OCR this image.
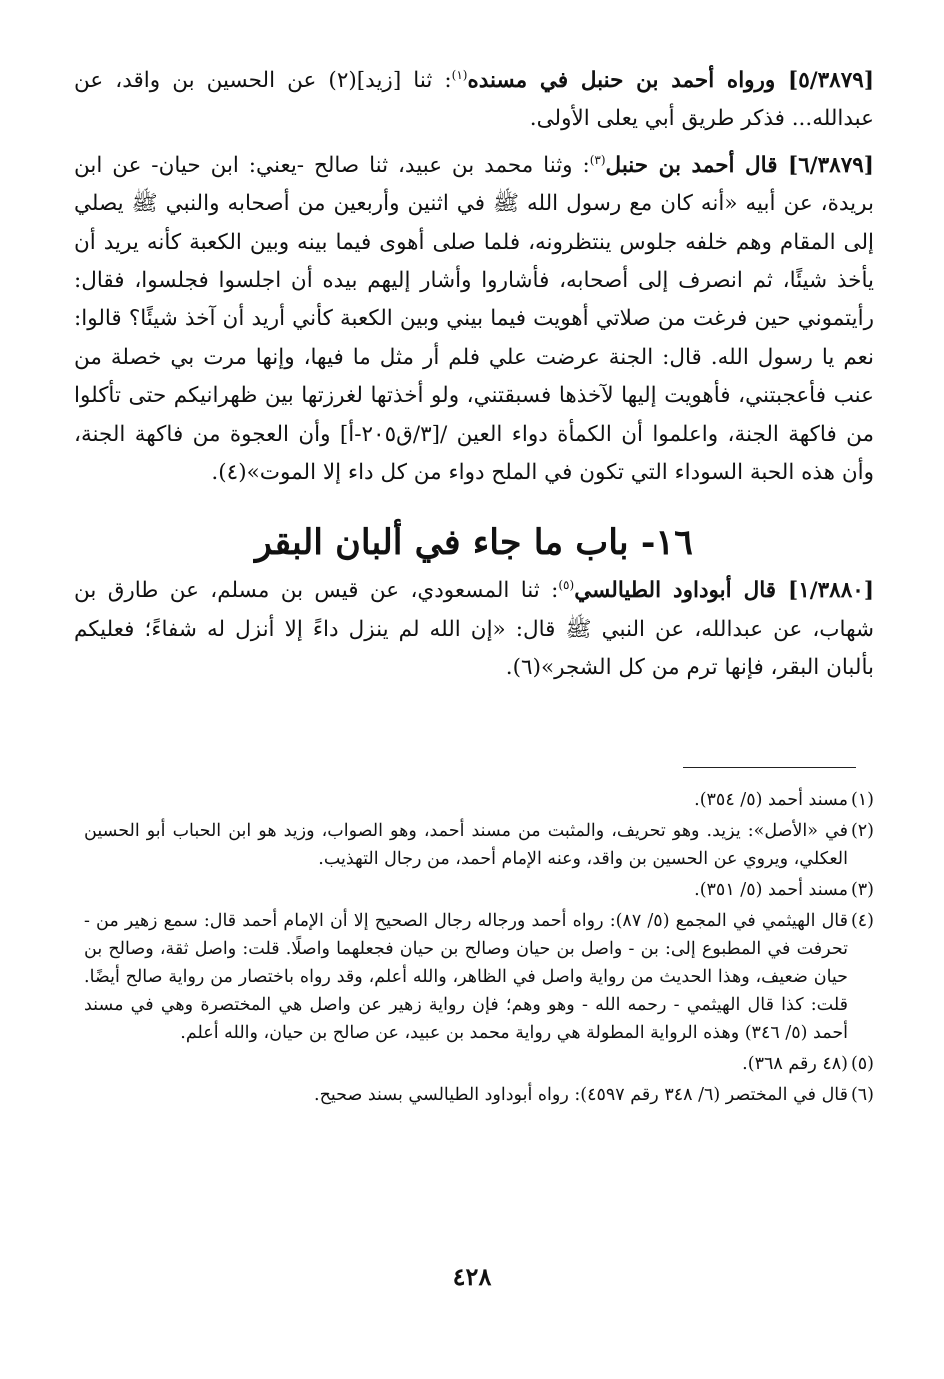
[٥/٣٨٧٩] ورواه أحمد بن حنبل في مسنده$^{(١)}$: ثنا [زيد](٢) عن الحسين بن واقد، عن عبدالله... فذكر طريق أبي يعلى الأولى.

[٦/٣٨٧٩] قال أحمد بن حنبل$^{(٣)}$: وثنا محمد بن عبيد، ثنا صالح -يعني: ابن حيان- عن ابن بريدة، عن أبيه «أنه كان مع رسول الله ﷺ في اثنين وأربعين من أصحابه والنبي ﷺ يصلي إلى المقام وهم خلفه جلوس ينتظرونه، فلما صلى أهوى فيما بينه وبين الكعبة كأنه يريد أن يأخذ شيئًا، ثم انصرف إلى أصحابه، فأشاروا وأشار إليهم بيده أن اجلسوا فجلسوا، فقال: رأيتموني حين فرغت من صلاتي أهويت فيما بيني وبين الكعبة كأني أريد أن آخذ شيئًا؟ قالوا: نعم يا رسول الله. قال: الجنة عرضت علي فلم أر مثل ما فيها، وإنها مرت بي خصلة من عنب فأعجبتني، فأهويت إليها لآخذها فسبقتني، ولو أخذتها لغرزتها بين ظهرانيكم حتى تأكلوا من فاكهة الجنة، واعلموا أن الكمأة دواء العين /[٣/ق٢٠٥-أ] وأن العجوة من فاكهة الجنة، وأن هذه الحبة السوداء التي تكون في الملح دواء من كل داء إلا الموت»(٤).

١٦- باب ما جاء في ألبان البقر

[١/٣٨٨٠] قال أبوداود الطيالسي$^{(٥)}$: ثنا المسعودي، عن قيس بن مسلم، عن طارق بن شهاب، عن عبدالله، عن النبي ﷺ قال: «إن الله لم ينزل داءً إلا أنزل له شفاءً؛ فعليكم بألبان البقر، فإنها ترم من كل الشجر»(٦).

(١)
مسند أحمد (٥/ ٣٥٤).

(٢)
في «الأصل»: يزيد. وهو تحريف، والمثبت من مسند أحمد، وهو الصواب، وزيد هو ابن الحباب أبو الحسين العكلي، ويروي عن الحسين بن واقد، وعنه الإمام أحمد، من رجال التهذيب.

(٣)
مسند أحمد (٥/ ٣٥١).

(٤)
قال الهيثمي في المجمع (٥/ ٨٧): رواه أحمد ورجاله رجال الصحيح إلا أن الإمام أحمد قال: سمع زهير من - تحرفت في المطبوع إلى: بن - واصل بن حيان وصالح بن حيان فجعلهما واصلًا. قلت: واصل ثقة، وصالح بن حيان ضعيف، وهذا الحديث من رواية واصل في الظاهر، والله أعلم، وقد رواه باختصار من رواية صالح أيضًا. قلت: كذا قال الهيثمي - رحمه الله - وهو وهم؛ فإن رواية زهير عن واصل هي المختصرة وهي في مسند أحمد (٥/ ٣٤٦) وهذه الرواية المطولة هي رواية محمد بن عبيد، عن صالح بن حيان، والله أعلم.

(٥)
(٤٨ رقم ٣٦٨).

(٦)
قال في المختصر (٦/ ٣٤٨ رقم ٤٥٩٧): رواه أبوداود الطيالسي بسند صحيح.

٤٢٨
